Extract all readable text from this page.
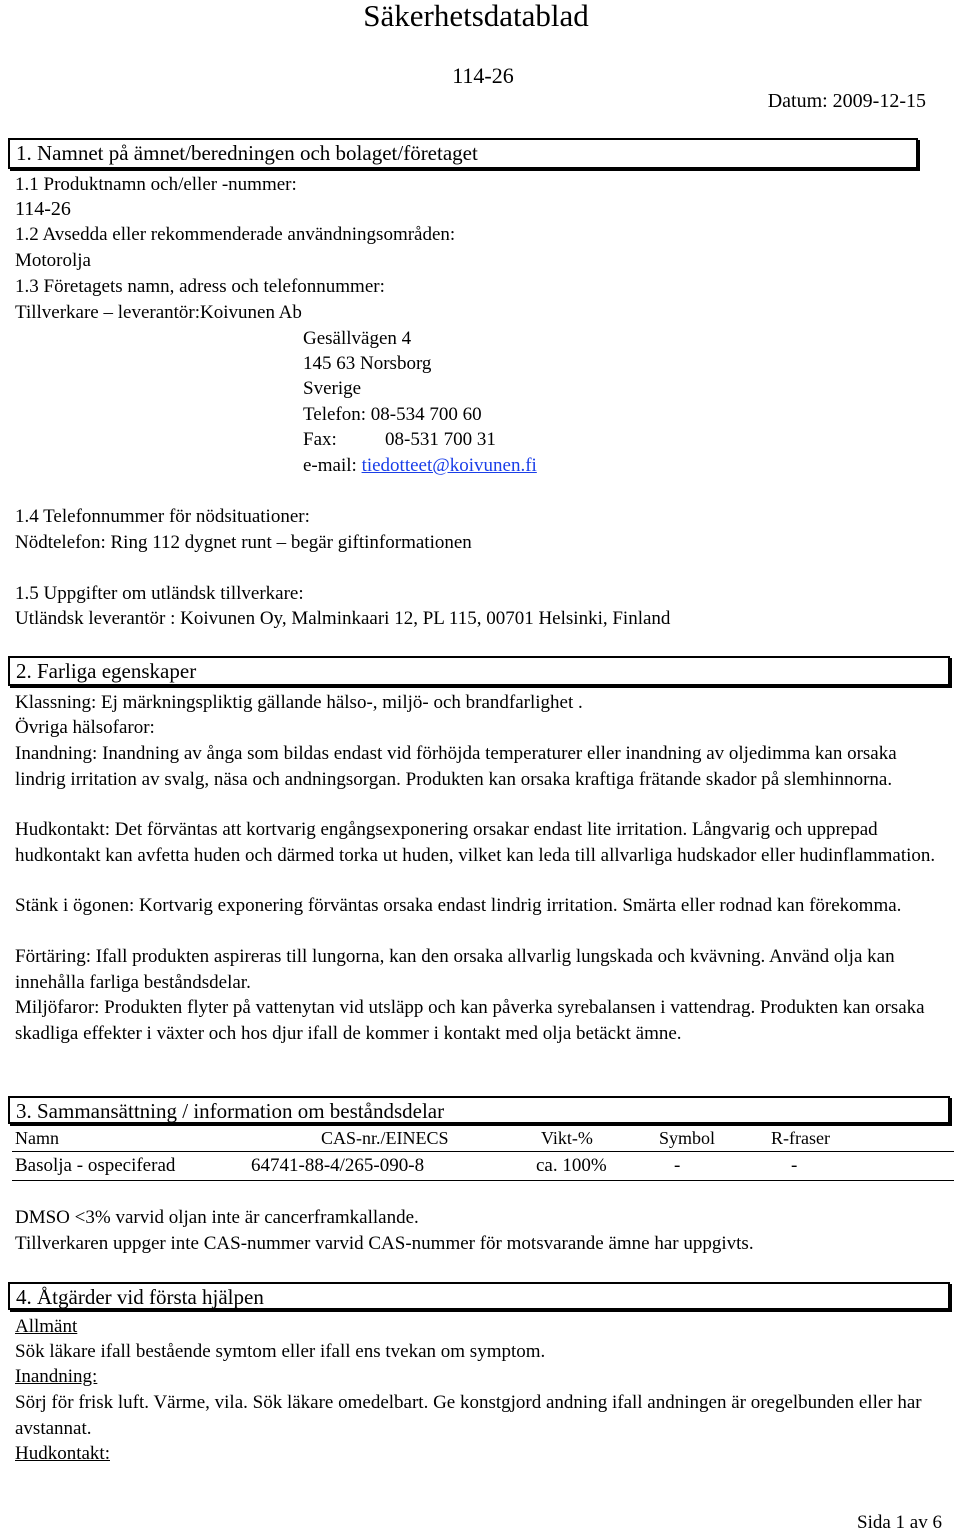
Säkerhetsdatablad
114-26
Datum: 2009-12-15
1. Namnet på ämnet/beredningen och bolaget/företaget
1.1 Produktnamn och/eller -nummer:
114-26
1.2 Avsedda eller rekommenderade användningsområden:
Motorolja
1.3 Företagets namn, adress och telefonnummer:
Tillverkare – leverantör:Koivunen Ab
Gesällvägen 4
145 63 Norsborg
Sverige
Telefon: 08-534 700 60
Fax:	08-531 700 31
e-mail: tiedotteet@koivunen.fi
1.4 Telefonnummer för nödsituationer:
Nödtelefon: Ring 112 dygnet runt – begär giftinformationen
1.5 Uppgifter om utländsk tillverkare:
Utländsk leverantör : Koivunen Oy, Malminkaari 12, PL 115, 00701 Helsinki, Finland
2. Farliga egenskaper
Klassning: Ej märkningspliktig gällande hälso-, miljö- och brandfarlighet .
Övriga hälsofaror:
Inandning: Inandning av ånga som bildas endast vid förhöjda temperaturer eller inandning av oljedimma kan orsaka lindrig irritation av svalg, näsa och andningsorgan. Produkten kan orsaka kraftiga frätande skador på slemhinnorna.
Hudkontakt: Det förväntas att kortvarig engångsexponering orsakar endast lite irritation. Långvarig och upprepad hudkontakt kan avfetta huden och därmed torka ut huden, vilket kan leda till allvarliga hudskador eller hudinflammation.
Stänk i ögonen: Kortvarig exponering förväntas orsaka endast lindrig irritation. Smärta eller rodnad kan förekomma.
Förtäring: Ifall produkten aspireras till lungorna, kan den orsaka allvarlig lungskada och kvävning. Använd olja kan innehålla farliga beståndsdelar.
Miljöfaror: Produkten flyter på vattenytan vid utsläpp och kan påverka syrebalansen i vattendrag. Produkten kan orsaka skadliga effekter i växter och hos djur ifall de kommer i kontakt med olja betäckt ämne.
3. Sammansättning / information om beståndsdelar
Namn	CAS-nr./EINECS	Vikt-%	Symbol	R-fraser
Basolja - ospeciferad	64741-88-4/265-090-8	ca. 100%	-	-
DMSO <3% varvid oljan inte är cancerframkallande.
Tillverkaren uppger inte CAS-nummer varvid CAS-nummer för motsvarande ämne har uppgivts.
4. Åtgärder vid första hjälpen
Allmänt
Sök läkare ifall bestående symtom eller ifall ens tvekan om symptom.
Inandning:
Sörj för frisk luft. Värme, vila. Sök läkare omedelbart. Ge konstgjord andning ifall andningen är oregelbunden eller har avstannat.
Hudkontakt:
Sida 1 av 6
